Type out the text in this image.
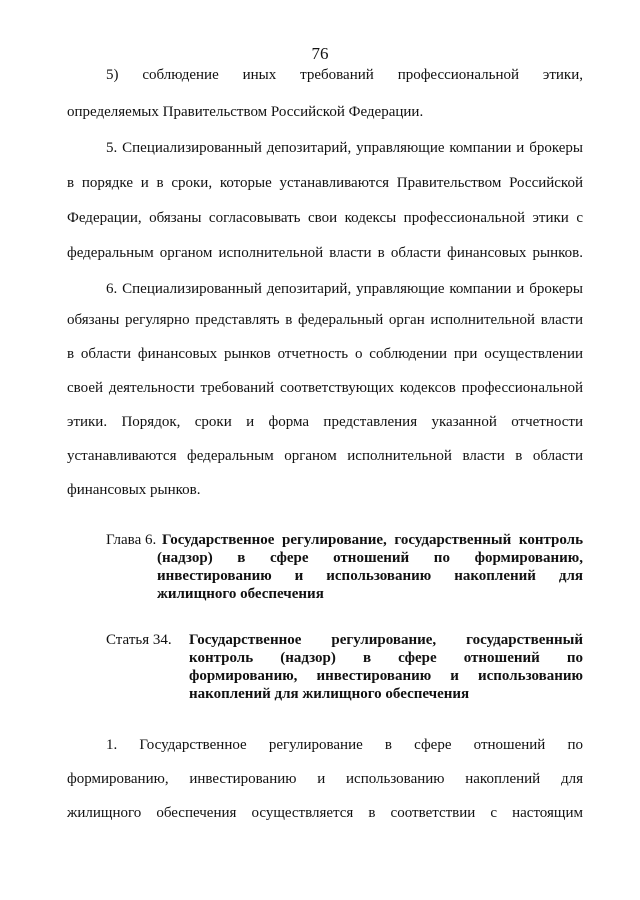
76
5) соблюдение иных требований профессиональной этики,
определяемых Правительством Российской Федерации.
5. Специализированный депозитарий, управляющие компании и брокеры
в порядке и в сроки, которые устанавливаются Правительством Российской
Федерации, обязаны согласовывать свои кодексы профессиональной этики с
федеральным органом исполнительной власти в области финансовых рынков.
6. Специализированный депозитарий, управляющие компании и брокеры
обязаны регулярно представлять в федеральный орган исполнительной власти
в области финансовых рынков отчетность о соблюдении при осуществлении
своей деятельности требований соответствующих кодексов профессиональной
этики. Порядок, сроки и форма представления указанной отчетности
устанавливаются федеральным органом исполнительной власти в области
финансовых рынков.
Глава 6. Государственное регулирование, государственный контроль
(надзор) в сфере отношений по формированию,
инвестированию и использованию накоплений для
жилищного обеспечения
Статья 34. Государственное регулирование, государственный
контроль (надзор) в сфере отношений по
формированию, инвестированию и использованию
накоплений для жилищного обеспечения
1. Государственное регулирование в сфере отношений по
формированию, инвестированию и использованию накоплений для
жилищного обеспечения осуществляется в соответствии с настоящим
